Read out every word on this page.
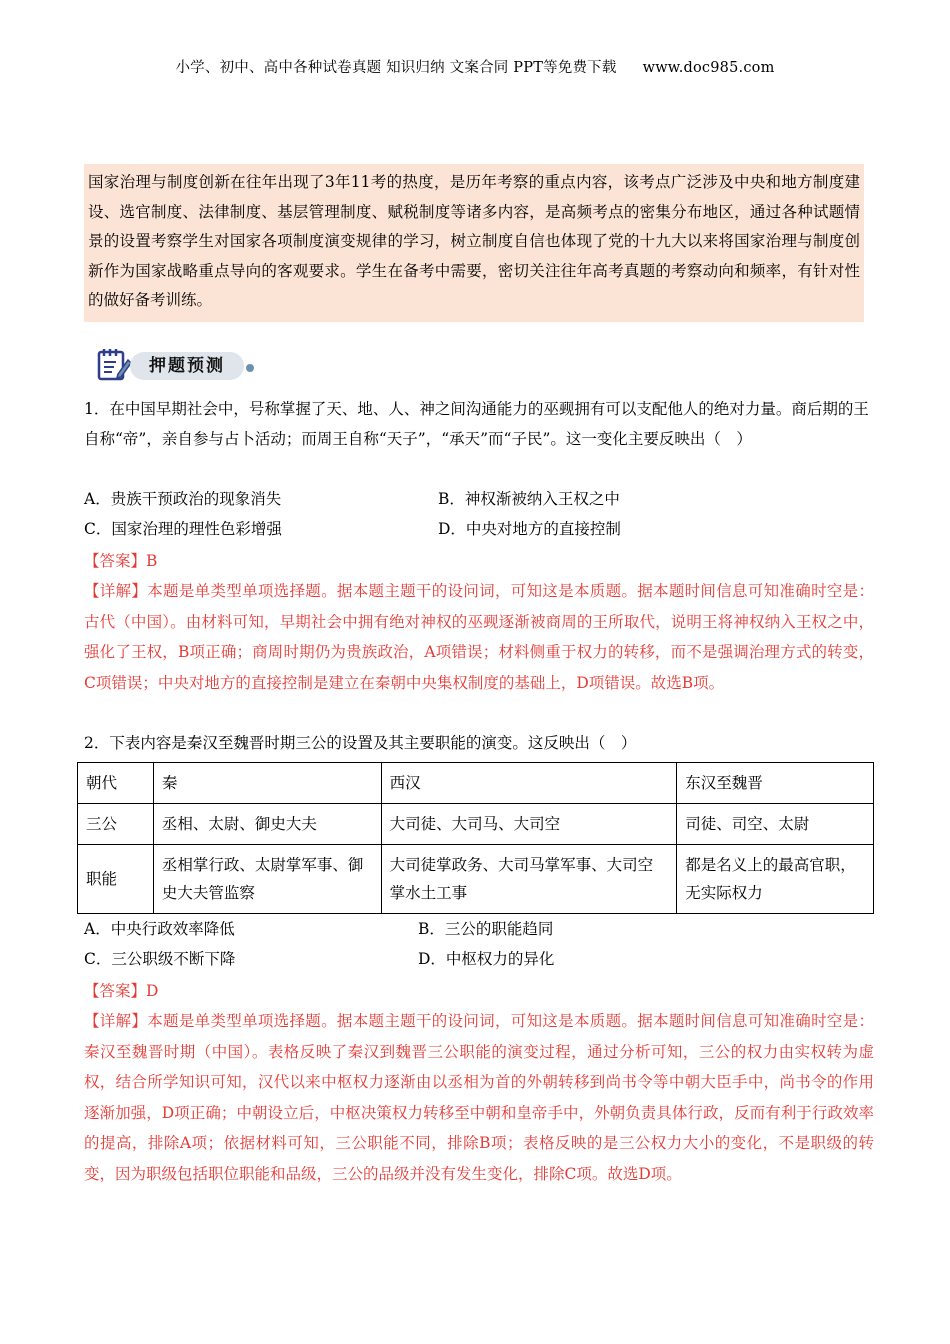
小学、初中、高中各种试卷真题 知识归纳 文案合同 PPT等免费下载 www.doc985.com
国家治理与制度创新在往年出现了3年11考的热度，是历年考察的重点内容，该考点广泛涉及中央和地方制度建设、选官制度、法律制度、基层管理制度、赋税制度等诸多内容，是高频考点的密集分布地区，通过各种试题情景的设置考察学生对国家各项制度演变规律的学习，树立制度自信也体现了党的十九大以来将国家治理与制度创新作为国家战略重点导向的客观要求。学生在备考中需要，密切关注往年高考真题的考察动向和频率，有针对性的做好备考训练。
押题预测
1．在中国早期社会中，号称掌握了天、地、人、神之间沟通能力的巫觋拥有可以支配他人的绝对力量。商后期的王自称“帝”，亲自参与占卜活动；而周王自称“天子”，“承天”而“子民”。这一变化主要反映出（　）
A．贵族干预政治的现象消失	B．神权渐被纳入王权之中
C．国家治理的理性色彩增强	D．中央对地方的直接控制
【答案】B
【详解】本题是单类型单项选择题。据本题主题干的设问词，可知这是本质题。据本题时间信息可知准确时空是：古代（中国）。由材料可知，早期社会中拥有绝对神权的巫觋逐渐被商周的王所取代，说明王将神权纳入王权之中，强化了王权，B项正确；商周时期仍为贵族政治，A项错误；材料侧重于权力的转移，而不是强调治理方式的转变，C项错误；中央对地方的直接控制是建立在秦朝中央集权制度的基础上，D项错误。故选B项。
2．下表内容是秦汉至魏晋时期三公的设置及其主要职能的演变。这反映出（　）
朝代	秦	西汉	东汉至魏晋
三公	丞相、太尉、御史大夫	大司徒、大司马、大司空	司徒、司空、太尉
职能	丞相掌行政、太尉掌军事、御史大夫管监察	大司徒掌政务、大司马掌军事、大司空掌水土工事	都是名义上的最高官职，无实际权力
A．中央行政效率降低	B．三公的职能趋同
C．三公职级不断下降	D．中枢权力的异化
【答案】D
【详解】本题是单类型单项选择题。据本题主题干的设问词，可知这是本质题。据本题时间信息可知准确时空是：秦汉至魏晋时期（中国）。表格反映了秦汉到魏晋三公职能的演变过程，通过分析可知，三公的权力由实权转为虚权，结合所学知识可知，汉代以来中枢权力逐渐由以丞相为首的外朝转移到尚书令等中朝大臣手中，尚书令的作用逐渐加强，D项正确；中朝设立后，中枢决策权力转移至中朝和皇帝手中，外朝负责具体行政，反而有利于行政效率的提高，排除A项；依据材料可知，三公职能不同，排除B项；表格反映的是三公权力大小的变化，不是职级的转变，因为职级包括职位职能和品级，三公的品级并没有发生变化，排除C项。故选D项。
